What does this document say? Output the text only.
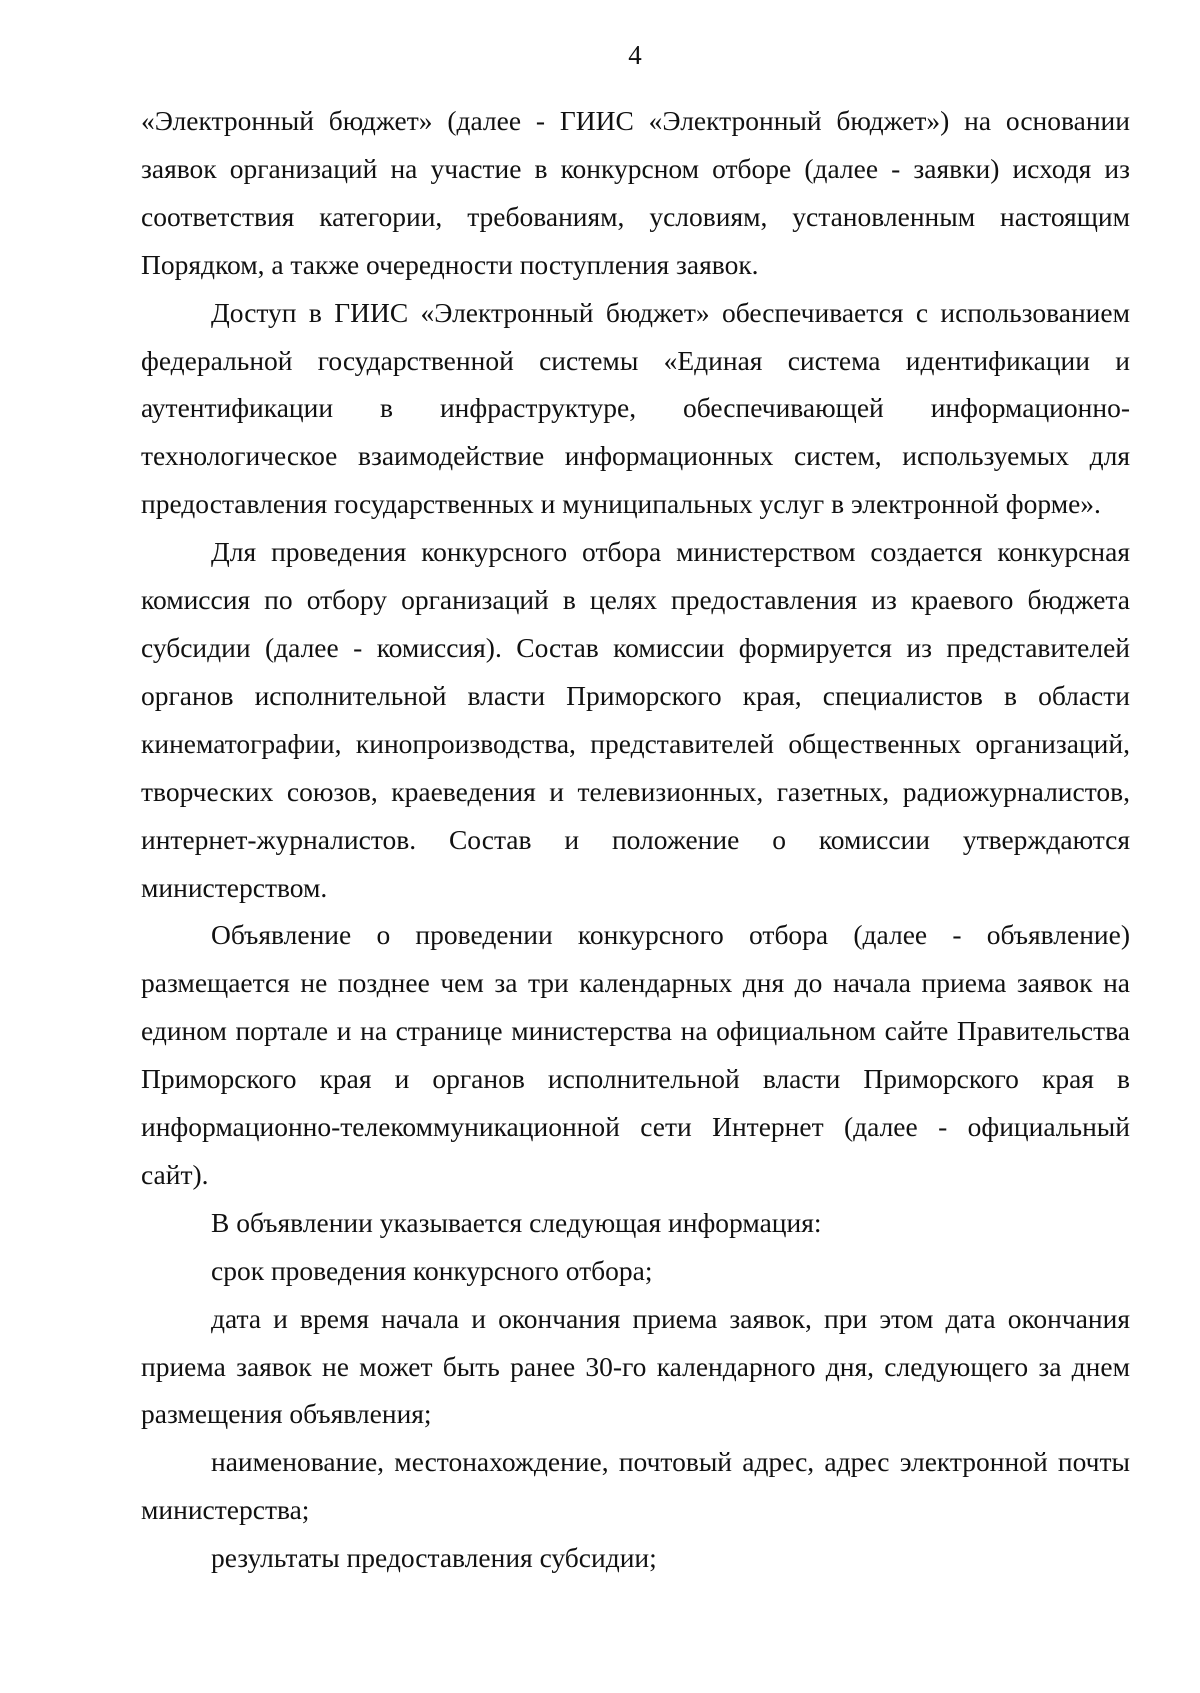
4

«Электронный бюджет» (далее - ГИИС «Электронный бюджет») на основании заявок организаций на участие в конкурсном отборе (далее - заявки) исходя из соответствия категории, требованиям, условиям, установленным настоящим Порядком, а также очередности поступления заявок.

Доступ в ГИИС «Электронный бюджет» обеспечивается с использованием федеральной государственной системы «Единая система идентификации и аутентификации в инфраструктуре, обеспечивающей информационно-технологическое взаимодействие информационных систем, используемых для предоставления государственных и муниципальных услуг в электронной форме».

Для проведения конкурсного отбора министерством создается конкурсная комиссия по отбору организаций в целях предоставления из краевого бюджета субсидии (далее - комиссия). Состав комиссии формируется из представителей органов исполнительной власти Приморского края, специалистов в области кинематографии, кинопроизводства, представителей общественных организаций, творческих союзов, краеведения и телевизионных, газетных, радиожурналистов, интернет-журналистов. Состав и положение о комиссии утверждаются министерством.

Объявление о проведении конкурсного отбора (далее - объявление) размещается не позднее чем за три календарных дня до начала приема заявок на едином портале и на странице министерства на официальном сайте Правительства Приморского края и органов исполнительной власти Приморского края в информационно-телекоммуникационной сети Интернет (далее - официальный сайт).

В объявлении указывается следующая информация:

срок проведения конкурсного отбора;

дата и время начала и окончания приема заявок, при этом дата окончания приема заявок не может быть ранее 30-го календарного дня, следующего за днем размещения объявления;

наименование, местонахождение, почтовый адрес, адрес электронной почты министерства;

результаты предоставления субсидии;
